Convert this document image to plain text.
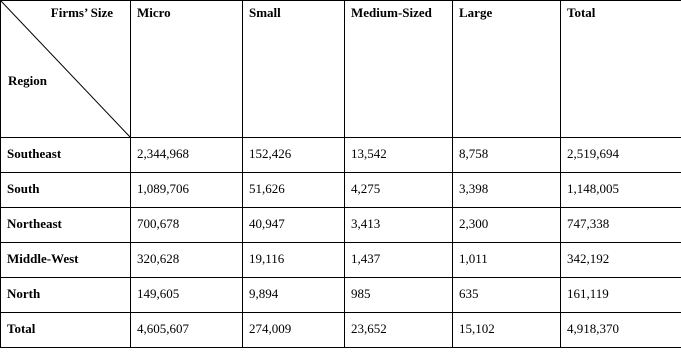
Firms’ Size
Region	Micro	Small	Medium-Sized	Large	Total
Southeast	2,344,968	152,426	13,542	8,758	2,519,694
South	1,089,706	51,626	4,275	3,398	1,148,005
Northeast	700,678	40,947	3,413	2,300	747,338
Middle-West	320,628	19,116	1,437	1,011	342,192
North	149,605	9,894	985	635	161,119
Total	4,605,607	274,009	23,652	15,102	4,918,370
